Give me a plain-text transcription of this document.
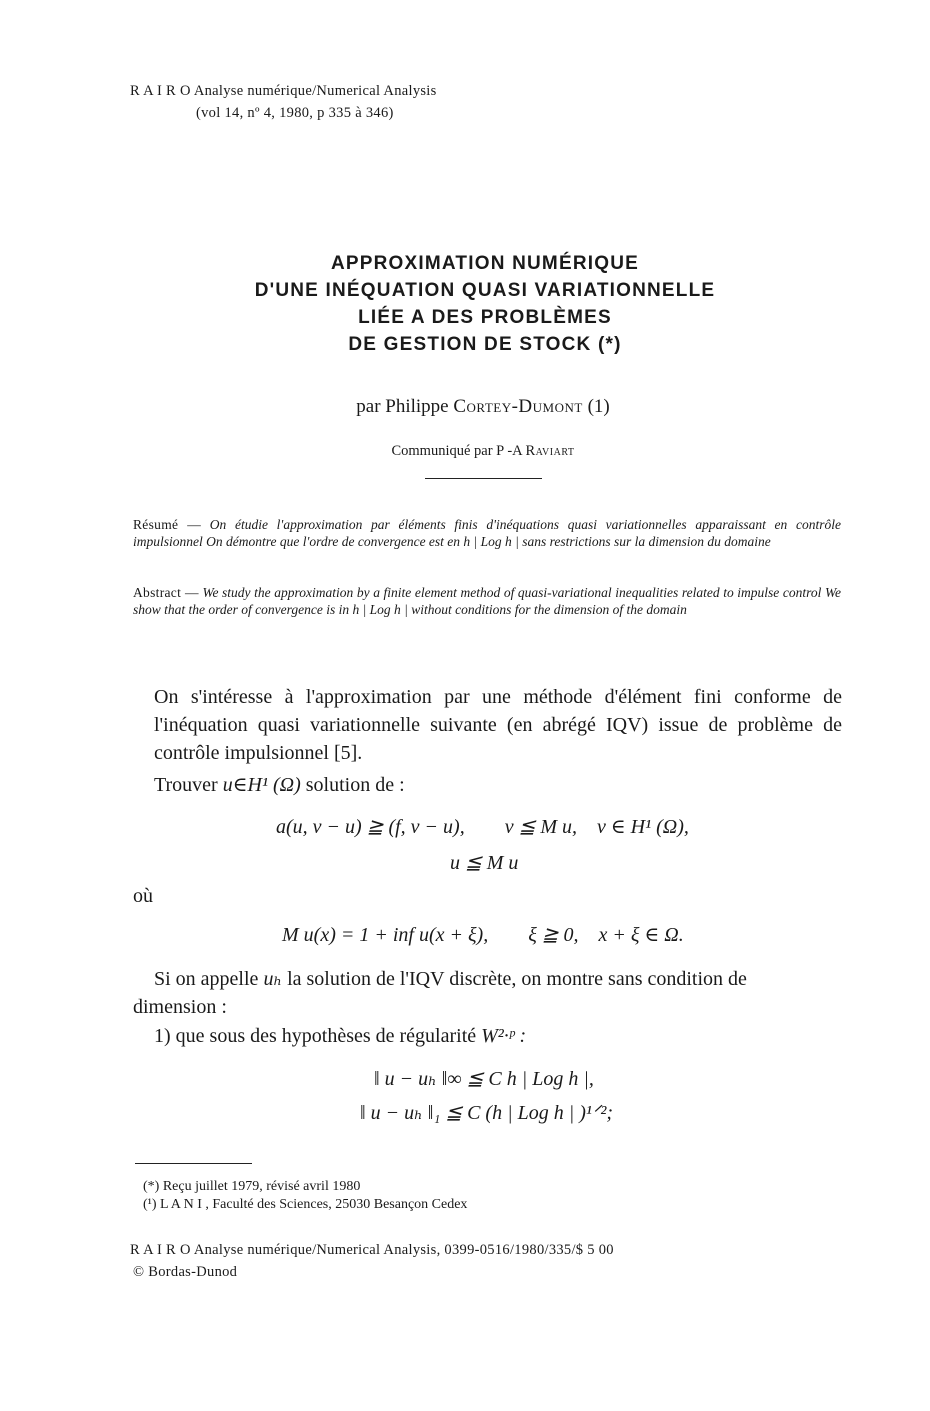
R A I R O Analyse numérique/Numerical Analysis
(vol 14, nº 4, 1980, p 335 à 346)
APPROXIMATION NUMÉRIQUE
D'UNE INÉQUATION QUASI VARIATIONNELLE
LIÉE A DES PROBLÈMES
DE GESTION DE STOCK (*)
par Philippe Cortey-Dumont (1)
Communiqué par P -A Raviart
Résumé — On étudie l'approximation par éléments finis d'inéquations quasi variationnelles apparaissant en contrôle impulsionnel On démontre que l'ordre de convergence est en h | Log h | sans restrictions sur la dimension du domaine
Abstract — We study the approximation by a finite element method of quasi-variational inequalities related to impulse control We show that the order of convergence is in h | Log h | without conditions for the dimension of the domain
On s'intéresse à l'approximation par une méthode d'élément fini conforme de l'inéquation quasi variationnelle suivante (en abrégé IQV) issue de problème de contrôle impulsionnel [5].
Trouver u∈H¹ (Ω) solution de :
a(u, v − u) ≧ (f, v − u),        v ≦ M u,    v ∈ H¹ (Ω),
u ≦ M u
où
M u(x) = 1 + inf u(x + ξ),        ξ ≧ 0,    x + ξ ∈ Ω.
Si on appelle uₕ la solution de l'IQV discrète, on montre sans condition de
dimension :
1) que sous des hypothèses de régularité W²·ᵖ :
‖ u − uₕ ‖∞ ≦ C h | Log h |,
‖ u − uₕ ‖₁ ≦ C (h | Log h | )¹ᐟ²;
(*) Reçu juillet 1979, révisé avril 1980
(¹) L A N I , Faculté des Sciences, 25030 Besançon Cedex
R A I R O Analyse numérique/Numerical Analysis, 0399-0516/1980/335/$ 5 00
© Bordas-Dunod
